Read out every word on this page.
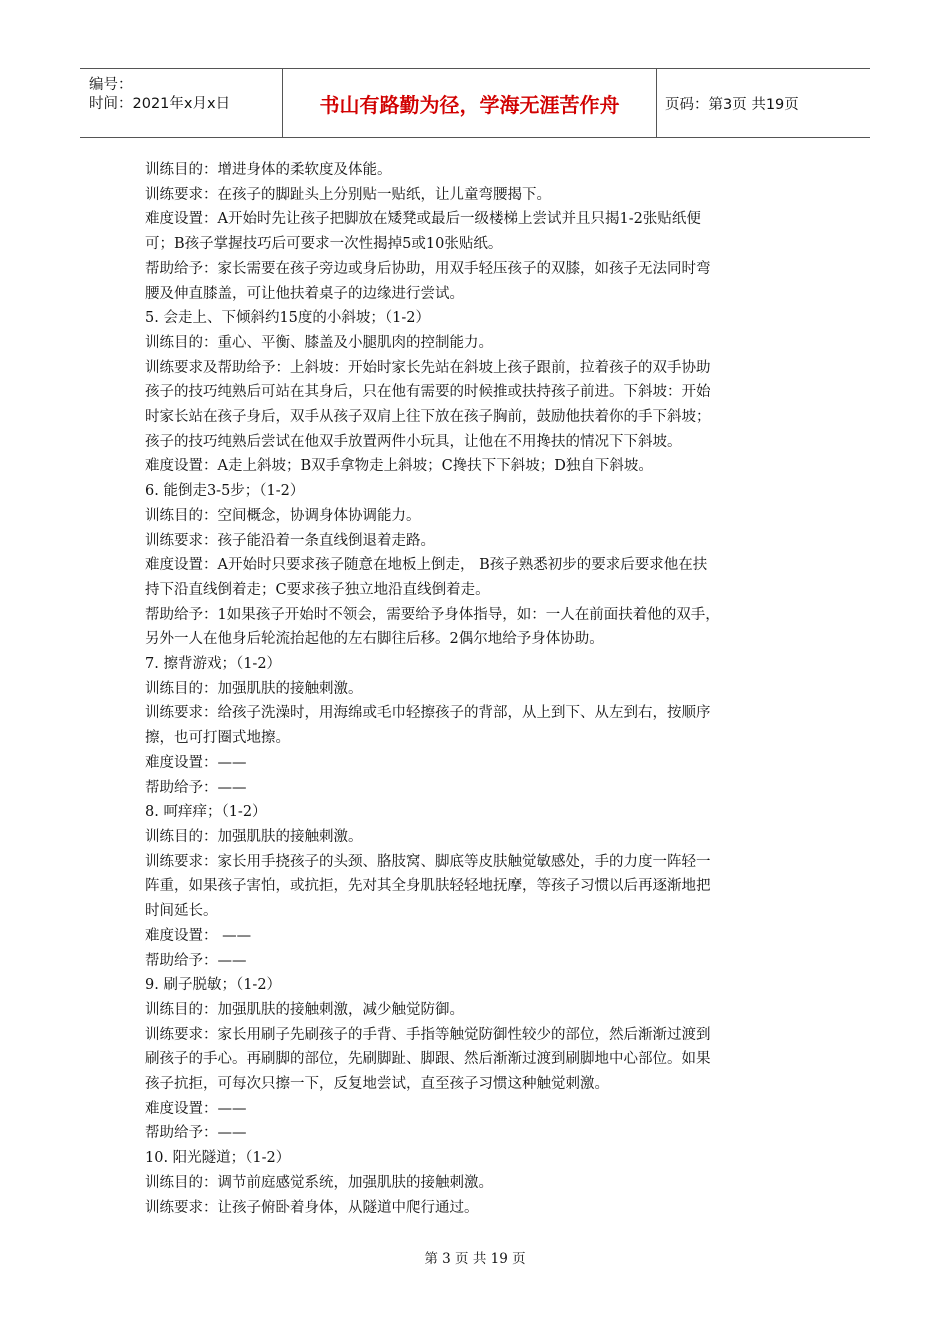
编号：
时间：2021年x月x日	书山有路勤为径，学海无涯苦作舟	页码：第3页 共19页

训练目的：增进身体的柔软度及体能。

训练要求：在孩子的脚趾头上分别贴一贴纸，让儿童弯腰揭下。

难度设置：A开始时先让孩子把脚放在矮凳或最后一级楼梯上尝试并且只揭1-2张贴纸便

可；B孩子掌握技巧后可要求一次性揭掉5或10张贴纸。

帮助给予：家长需要在孩子旁边或身后协助，用双手轻压孩子的双膝，如孩子无法同时弯

腰及伸直膝盖，可让他扶着桌子的边缘进行尝试。

5. 会走上、下倾斜约15度的小斜坡；（1-2）

训练目的：重心、平衡、膝盖及小腿肌肉的控制能力。

训练要求及帮助给予：上斜坡：开始时家长先站在斜坡上孩子跟前，拉着孩子的双手协助

孩子的技巧纯熟后可站在其身后，只在他有需要的时候推或扶持孩子前进。下斜坡：开始

时家长站在孩子身后，双手从孩子双肩上往下放在孩子胸前，鼓励他扶着你的手下斜坡；

孩子的技巧纯熟后尝试在他双手放置两件小玩具，让他在不用搀扶的情况下下斜坡。

难度设置：A走上斜坡；B双手拿物走上斜坡；C搀扶下下斜坡；D独自下斜坡。

6. 能倒走3-5步；（1-2）

训练目的：空间概念，协调身体协调能力。

训练要求：孩子能沿着一条直线倒退着走路。

难度设置：A开始时只要求孩子随意在地板上倒走， B孩子熟悉初步的要求后要求他在扶

持下沿直线倒着走；C要求孩子独立地沿直线倒着走。

帮助给予：1如果孩子开始时不领会，需要给予身体指导，如：一人在前面扶着他的双手，

另外一人在他身后轮流抬起他的左右脚往后移。2偶尔地给予身体协助。

7. 擦背游戏；（1-2）

训练目的：加强肌肤的接触刺激。

训练要求：给孩子洗澡时，用海绵或毛巾轻擦孩子的背部，从上到下、从左到右，按顺序

擦，也可打圈式地擦。

难度设置：——

帮助给予：——

8. 呵痒痒；（1-2）

训练目的：加强肌肤的接触刺激。

训练要求：家长用手挠孩子的头颈、胳肢窝、脚底等皮肤触觉敏感处，手的力度一阵轻一

阵重，如果孩子害怕，或抗拒，先对其全身肌肤轻轻地抚摩，等孩子习惯以后再逐渐地把

时间延长。

难度设置： ——

帮助给予：——

9. 刷子脱敏；（1-2）

训练目的：加强肌肤的接触刺激，减少触觉防御。

训练要求：家长用刷子先刷孩子的手背、手指等触觉防御性较少的部位，然后渐渐过渡到

刷孩子的手心。再刷脚的部位，先刷脚趾、脚跟、然后渐渐过渡到刷脚地中心部位。如果

孩子抗拒，可每次只擦一下，反复地尝试，直至孩子习惯这种触觉刺激。

难度设置：——

帮助给予：——

10. 阳光隧道；（1-2）

训练目的：调节前庭感觉系统，加强肌肤的接触刺激。

训练要求：让孩子俯卧着身体，从隧道中爬行通过。

第 3 页 共 19 页
